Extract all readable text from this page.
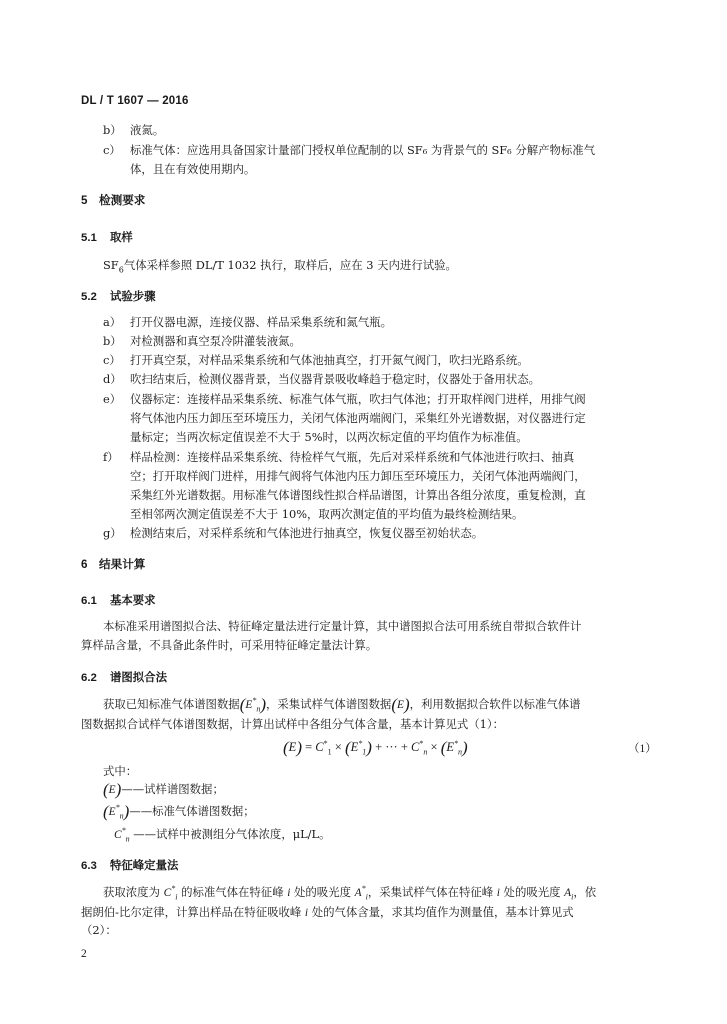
DL / T 1607 — 2016
b） 液氮。
c） 标准气体：应选用具备国家计量部门授权单位配制的以 SF₆ 为背景气的 SF₆ 分解产物标准气
体，且在有效使用期内。
5 检测要求
5.1 取样
$SF_6$气体采样参照 DL/T 1032 执行，取样后，应在 3 天内进行试验。
5.2 试验步骤
a） 打开仪器电源，连接仪器、样品采集系统和氮气瓶。
b） 对检测器和真空泵冷阱灌装液氮。
c） 打开真空泵，对样品采集系统和气体池抽真空，打开氮气阀门，吹扫光路系统。
d） 吹扫结束后，检测仪器背景，当仪器背景吸收峰趋于稳定时，仪器处于备用状态。
e） 仪器标定：连接样品采集系统、标准气体气瓶，吹扫气体池；打开取样阀门进样，用排气阀
将气体池内压力卸压至环境压力，关闭气体池两端阀门，采集红外光谱数据，对仪器进行定
量标定；当两次标定值误差不大于 5%时，以两次标定值的平均值作为标准值。
f） 样品检测：连接样品采集系统、待检样气气瓶，先后对采样系统和气体池进行吹扫、抽真
空；打开取样阀门进样，用排气阀将气体池内压力卸压至环境压力，关闭气体池两端阀门，
采集红外光谱数据。用标准气体谱图线性拟合样品谱图，计算出各组分浓度，重复检测，直
至相邻两次测定值误差不大于 10%，取两次测定值的平均值为最终检测结果。
g） 检测结束后，对采样系统和气体池进行抽真空，恢复仪器至初始状态。
6 结果计算
6.1 基本要求
本标准采用谱图拟合法、特征峰定量法进行定量计算，其中谱图拟合法可用系统自带拟合软件计
算样品含量，不具备此条件时，可采用特征峰定量法计算。
6.2 谱图拟合法
获取已知标准气体谱图数据$(E^*_n)$，采集试样气体谱图数据(E)，利用数据拟合软件以标准气体谱
图数据拟合试样气体谱图数据，计算出试样中各组分气体含量，基本计算见式（1）：
$(E) = C^*_1 \times (E^*_1)$ + ··· + $C^*_n \times (E^*_n)$	（1）
式中：
(E)——试样谱图数据；
$(E^*_n)——$标准气体谱图数据；
$C^*_n$ ——试样中被测组分气体浓度，μL/L。
6.3 特征峰定量法
获取浓度为 $C^*_i$ 的标准气体在特征峰 i 处的吸光度 $A^*_i$，采集试样气体在特征峰 i 处的吸光度 $A_i$，依
据朗伯-比尔定律，计算出样品在特征吸收峰 i 处的气体含量，求其均值作为测量值，基本计算见式
（2）：
2
